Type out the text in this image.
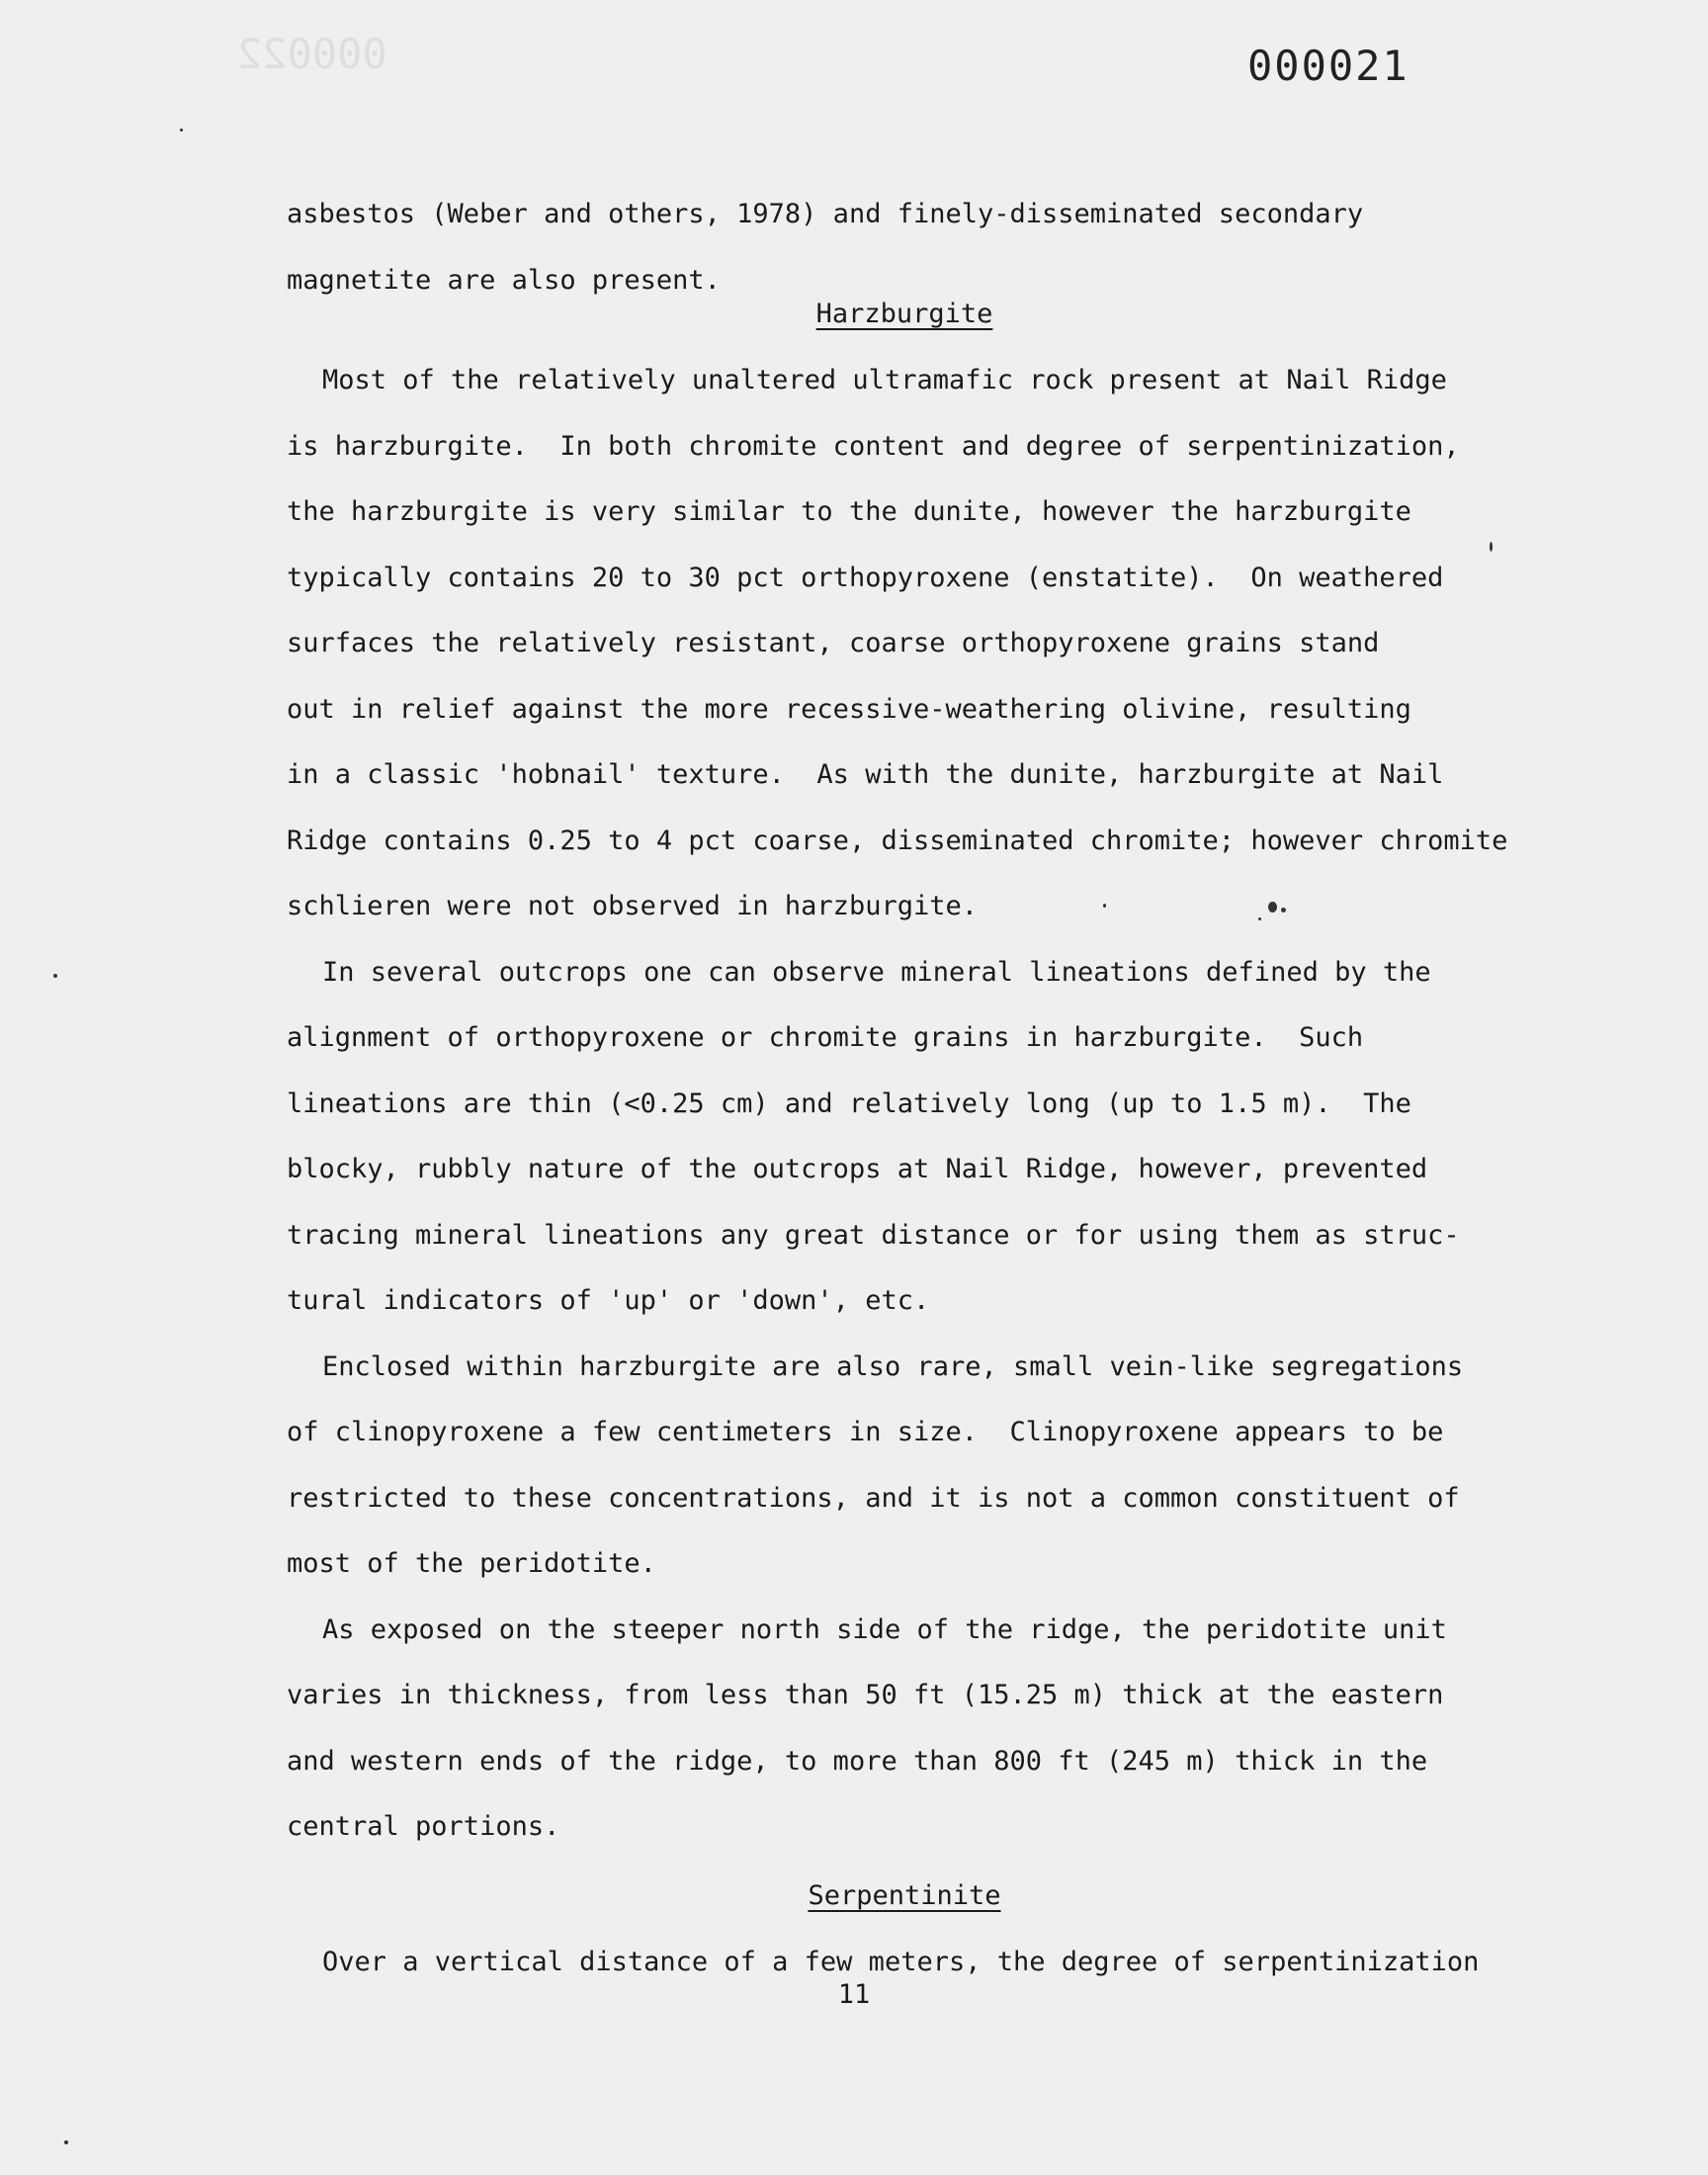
000022	000021
asbestos (Weber and others, 1978) and finely-disseminated secondary
magnetite are also present.
Harzburgite
Most of the relatively unaltered ultramafic rock present at Nail Ridge
is harzburgite.  In both chromite content and degree of serpentinization,
the harzburgite is very similar to the dunite, however the harzburgite
typically contains 20 to 30 pct orthopyroxene (enstatite).  On weathered
surfaces the relatively resistant, coarse orthopyroxene grains stand
out in relief against the more recessive-weathering olivine, resulting
in a classic 'hobnail' texture.  As with the dunite, harzburgite at Nail
Ridge contains 0.25 to 4 pct coarse, disseminated chromite; however chromite
schlieren were not observed in harzburgite.
In several outcrops one can observe mineral lineations defined by the
alignment of orthopyroxene or chromite grains in harzburgite.  Such
lineations are thin (<0.25 cm) and relatively long (up to 1.5 m).  The
blocky, rubbly nature of the outcrops at Nail Ridge, however, prevented
tracing mineral lineations any great distance or for using them as struc-
tural indicators of 'up' or 'down', etc.
Enclosed within harzburgite are also rare, small vein-like segregations
of clinopyroxene a few centimeters in size.  Clinopyroxene appears to be
restricted to these concentrations, and it is not a common constituent of
most of the peridotite.
As exposed on the steeper north side of the ridge, the peridotite unit
varies in thickness, from less than 50 ft (15.25 m) thick at the eastern
and western ends of the ridge, to more than 800 ft (245 m) thick in the
central portions.
Serpentinite
Over a vertical distance of a few meters, the degree of serpentinization
11
